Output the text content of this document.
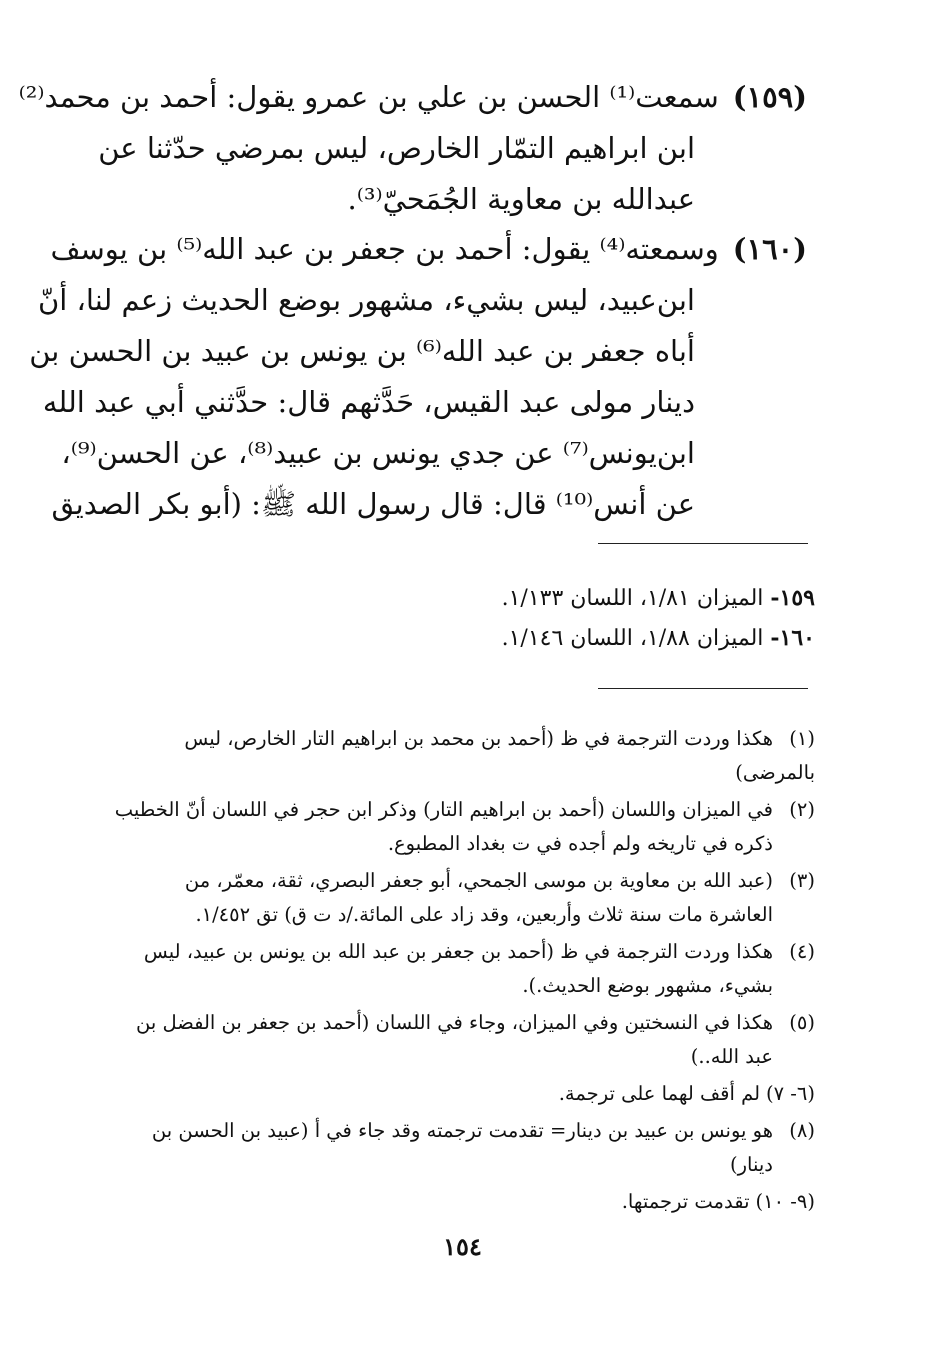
(١٥٩)سمعت⁽¹⁾ الحسن بن علي بن عمرو يقول: أحمد بن محمد⁽²⁾
ابن ابراهيم التمّار الخارص، ليس بمرضي حدّثنا عن
عبدالله بن معاوية الجُمَحيّ⁽³⁾.
(١٦٠)وسمعته⁽⁴⁾ يقول: أحمد بن جعفر بن عبد الله⁽⁵⁾ بن يوسف
ابن‌عبيد، ليس بشيء، مشهور بوضع الحديث زعم لنا، أنّ
أباه جعفر بن عبد الله⁽⁶⁾ بن يونس بن عبيد بن الحسن بن
دينار مولى عبد القيس، حَدَّثهم قال: حدَّثني أبي عبد الله
ابن‌يونس⁽⁷⁾ عن جدي يونس بن عبيد⁽⁸⁾، عن الحسن⁽⁹⁾،
عن أنس⁽¹⁰⁾ قال: قال رسول الله ﷺ: (أبو بكر الصديق
١٥٩- الميزان ١/٨١، اللسان ١/١٣٣.
١٦٠- الميزان ١/٨٨، اللسان ١/١٤٦.
(١)هكذا وردت الترجمة في ظ (أحمد بن محمد بن ابراهيم التار الخارص، ليس بالمرضى)
(٢)في الميزان واللسان (أحمد بن ابراهيم التار) وذكر ابن حجر في اللسان أنّ الخطيب
ذكره في تاريخه ولم أجده في ت بغداد المطبوع.
(٣)(عبد الله بن معاوية بن موسى الجمحي، أبو جعفر البصري، ثقة، معمّر، من
العاشرة مات سنة ثلاث وأربعين، وقد زاد على المائة./د ت ق) تق ١/٤٥٢.
(٤)هكذا وردت الترجمة في ظ (أحمد بن جعفر بن عبد الله بن يونس بن عبيد، ليس
بشيء، مشهور بوضع الحديث.).
(٥)هكذا في النسختين وفي الميزان، وجاء في اللسان (أحمد بن جعفر بن الفضل بن
عبد الله..)
(٦- ٧)لم أقف لهما على ترجمة.
(٨)هو يونس بن عبيد بن دينار= تقدمت ترجمته وقد جاء في أ (عبيد بن الحسن بن
دينار)
(٩- ١٠)تقدمت ترجمتها.
١٥٤
